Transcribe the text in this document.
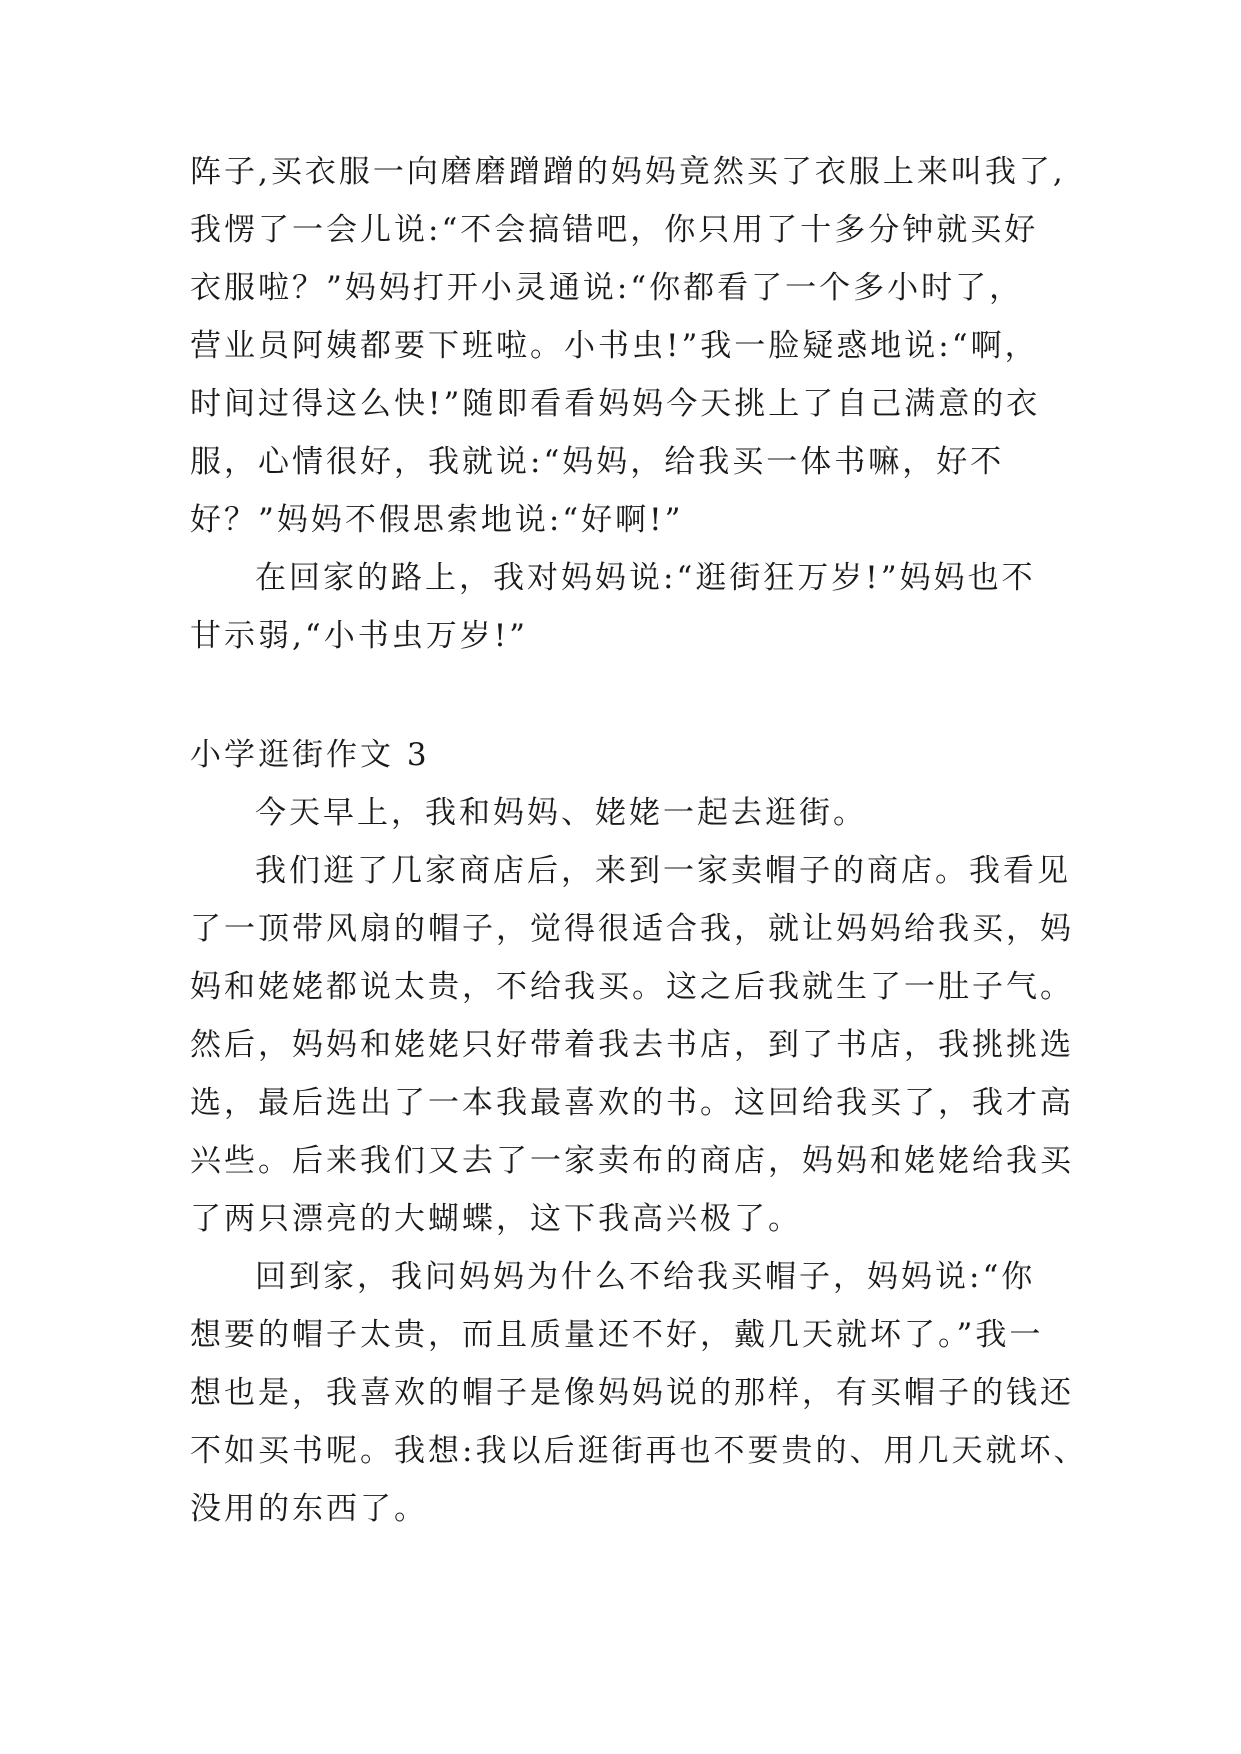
阵子,买衣服一向磨磨蹭蹭的妈妈竟然买了衣服上来叫我了,
我愣了一会儿说:“不会搞错吧，你只用了十多分钟就买好
衣服啦？”妈妈打开小灵通说:“你都看了一个多小时了，
营业员阿姨都要下班啦。小书虫!”我一脸疑惑地说:“啊，
时间过得这么快!”随即看看妈妈今天挑上了自己满意的衣
服，心情很好，我就说:“妈妈，给我买一体书嘛，好不
好？”妈妈不假思索地说:“好啊!”
在回家的路上，我对妈妈说:“逛街狂万岁!”妈妈也不
甘示弱,“小书虫万岁!”
小学逛街作文 3
今天早上，我和妈妈、姥姥一起去逛街。
我们逛了几家商店后，来到一家卖帽子的商店。我看见
了一顶带风扇的帽子，觉得很适合我，就让妈妈给我买，妈
妈和姥姥都说太贵，不给我买。这之后我就生了一肚子气。
然后，妈妈和姥姥只好带着我去书店，到了书店，我挑挑选
选，最后选出了一本我最喜欢的书。这回给我买了，我才高
兴些。后来我们又去了一家卖布的商店，妈妈和姥姥给我买
了两只漂亮的大蝴蝶，这下我高兴极了。
回到家，我问妈妈为什么不给我买帽子，妈妈说:“你
想要的帽子太贵，而且质量还不好，戴几天就坏了。”我一
想也是，我喜欢的帽子是像妈妈说的那样，有买帽子的钱还
不如买书呢。我想:我以后逛街再也不要贵的、用几天就坏、
没用的东西了。
